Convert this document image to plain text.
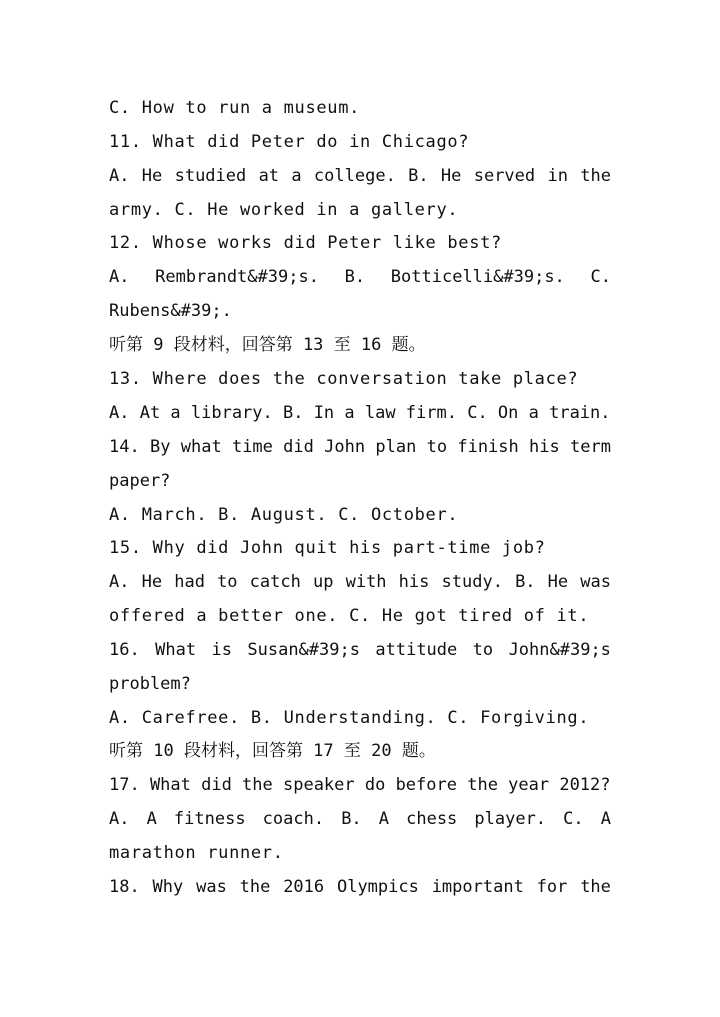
C. How to run a museum.
11. What did Peter do in Chicago?
A. He studied at a college. B. He served in the
army. C. He worked in a gallery.
12. Whose works did Peter like best?
A. Rembrandt&#39;s. B. Botticelli&#39;s. C.
Rubens&#39;.
听第 9 段材料，回答第 13 至 16 题。
13. Where does the conversation take place?
A. At a library. B. In a law firm. C. On a train.
14. By what time did John plan to finish his term
paper?
A. March. B. August. C. October.
15. Why did John quit his part-time job?
A. He had to catch up with his study. B. He was
offered a better one. C. He got tired of it.
16. What is Susan&#39;s attitude to John&#39;s
problem?
A. Carefree. B. Understanding. C. Forgiving.
听第 10 段材料，回答第 17 至 20 题。
17. What did the speaker do before the year 2012?
A. A fitness coach. B. A chess player. C. A
marathon runner.
18. Why was the 2016 Olympics important for the
